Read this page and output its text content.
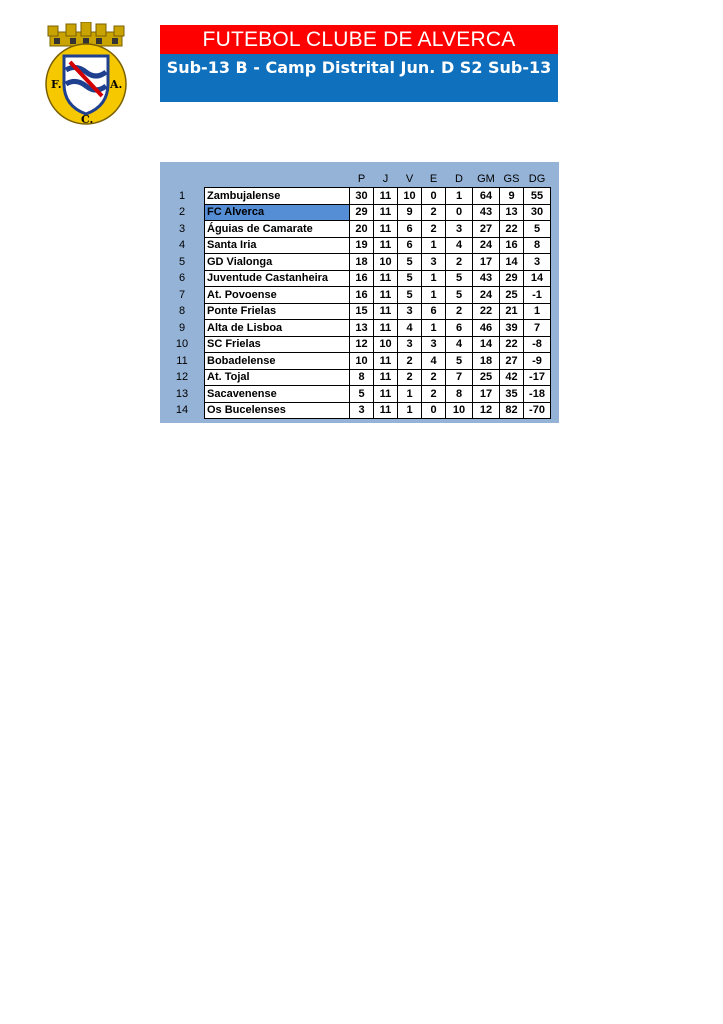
F.	A.
C.
FUTEBOL CLUBE DE ALVERCA
Sub-13 B - Camp Distrital Jun. D S2 Sub-13
		P	J	V	E	D	GM	GS	DG
1	Zambujalense	30	11	10	0	1	64	9	55
2	FC Alverca	29	11	9	2	0	43	13	30
3	Águias de Camarate	20	11	6	2	3	27	22	5
4	Santa Iria	19	11	6	1	4	24	16	8
5	GD Vialonga	18	10	5	3	2	17	14	3
6	Juventude Castanheira	16	11	5	1	5	43	29	14
7	At. Povoense	16	11	5	1	5	24	25	-1
8	Ponte Frielas	15	11	3	6	2	22	21	1
9	Alta de Lisboa	13	11	4	1	6	46	39	7
10	SC Frielas	12	10	3	3	4	14	22	-8
11	Bobadelense	10	11	2	4	5	18	27	-9
12	At. Tojal	8	11	2	2	7	25	42	-17
13	Sacavenense	5	11	1	2	8	17	35	-18
14	Os Bucelenses	3	11	1	0	10	12	82	-70
